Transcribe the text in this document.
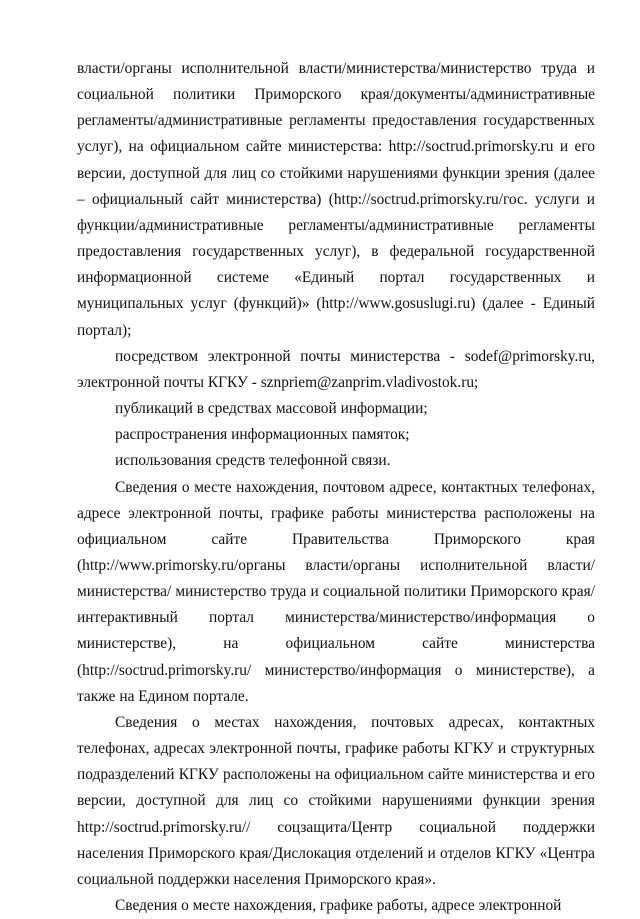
власти/органы исполнительной власти/министерства/министерство труда и социальной политики Приморского края/документы/административные регламенты/административные регламенты предоставления государственных услуг), на официальном сайте министерства: http://soctrud.primorsky.ru и его версии, доступной для лиц со стойкими нарушениями функции зрения (далее – официальный сайт министерства) (http://soctrud.primorsky.ru/гос. услуги и функции/административные регламенты/административные регламенты предоставления государственных услуг), в федеральной государственной информационной системе «Единый портал государственных и муниципальных услуг (функций)» (http://www.gosuslugi.ru) (далее - Единый портал);

посредством электронной почты министерства - sodef@primorsky.ru, электронной почты КГКУ - sznpriem@zanprim.vladivostok.ru;

публикаций в средствах массовой информации;

распространения информационных памяток;

использования средств телефонной связи.

Сведения о месте нахождения, почтовом адресе, контактных телефонах, адресе электронной почты, графике работы министерства расположены на официальном сайте Правительства Приморского края (http://www.primorsky.ru/органы власти/органы исполнительной власти/ министерства/ министерство труда и социальной политики Приморского края/интерактивный портал министерства/министерство/информация о министерстве), на официальном сайте министерства (http://soctrud.primorsky.ru/ министерство/информация о министерстве), а также на Едином портале.

Сведения о местах нахождения, почтовых адресах, контактных телефонах, адресах электронной почты, графике работы КГКУ и структурных подразделений КГКУ расположены на официальном сайте министерства и его версии, доступной для лиц со стойкими нарушениями функции зрения http://soctrud.primorsky.ru// соцзащита/Центр социальной поддержки населения Приморского края/Дислокация отделений и отделов КГКУ «Центра социальной поддержки населения Приморского края».

Сведения о месте нахождения, графике работы, адресе электронной
